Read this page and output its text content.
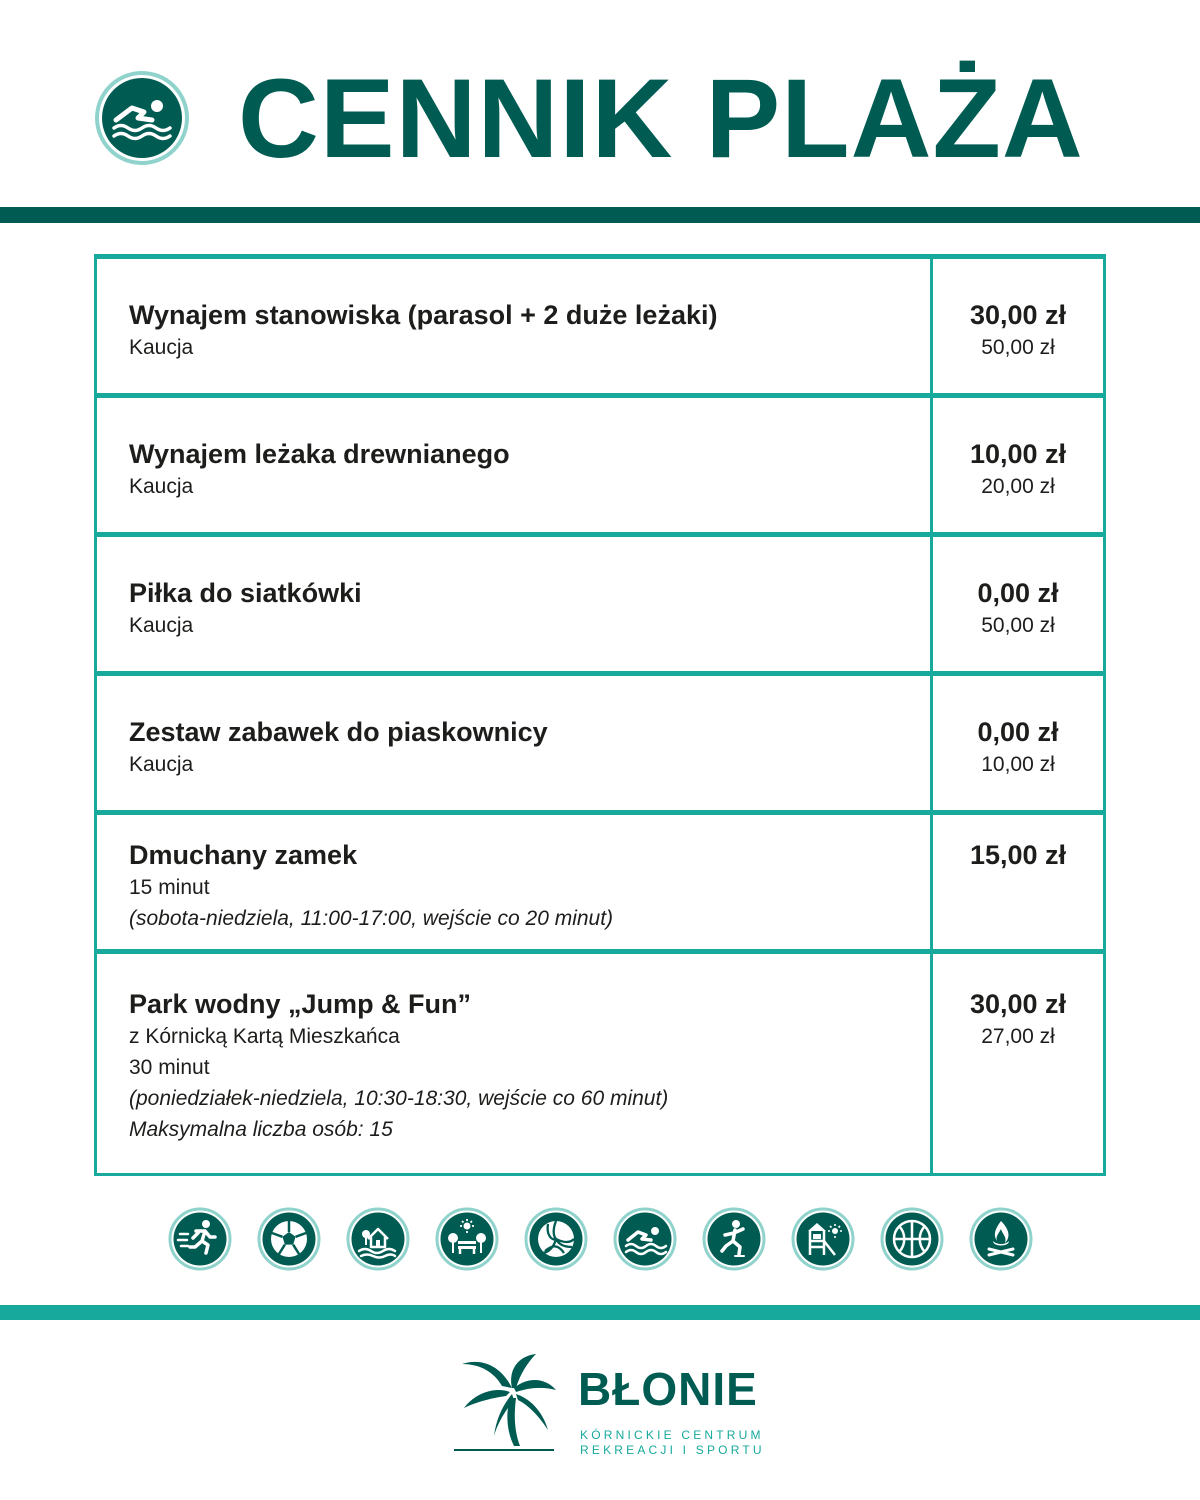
CENNIK PLAŻA
Wynajem stanowiska (parasol + 2 duże leżaki)
Kaucja
30,00 zł
50,00 zł
Wynajem leżaka drewnianego
Kaucja
10,00 zł
20,00 zł
Piłka do siatkówki
Kaucja
0,00 zł
50,00 zł
Zestaw zabawek do piaskownicy
Kaucja
0,00 zł
10,00 zł
Dmuchany zamek
15 minut
(sobota-niedziela, 11:00-17:00, wejście co 20 minut)
15,00 zł
Park wodny „Jump & Fun”
z Kórnicką Kartą Mieszkańca
30 minut
(poniedziałek-niedziela, 10:30-18:30, wejście co 60 minut)
Maksymalna liczba osób: 15
30,00 zł
27,00 zł
BŁONIE
KÓRNICKIE CENTRUM
REKREACJI I SPORTU
